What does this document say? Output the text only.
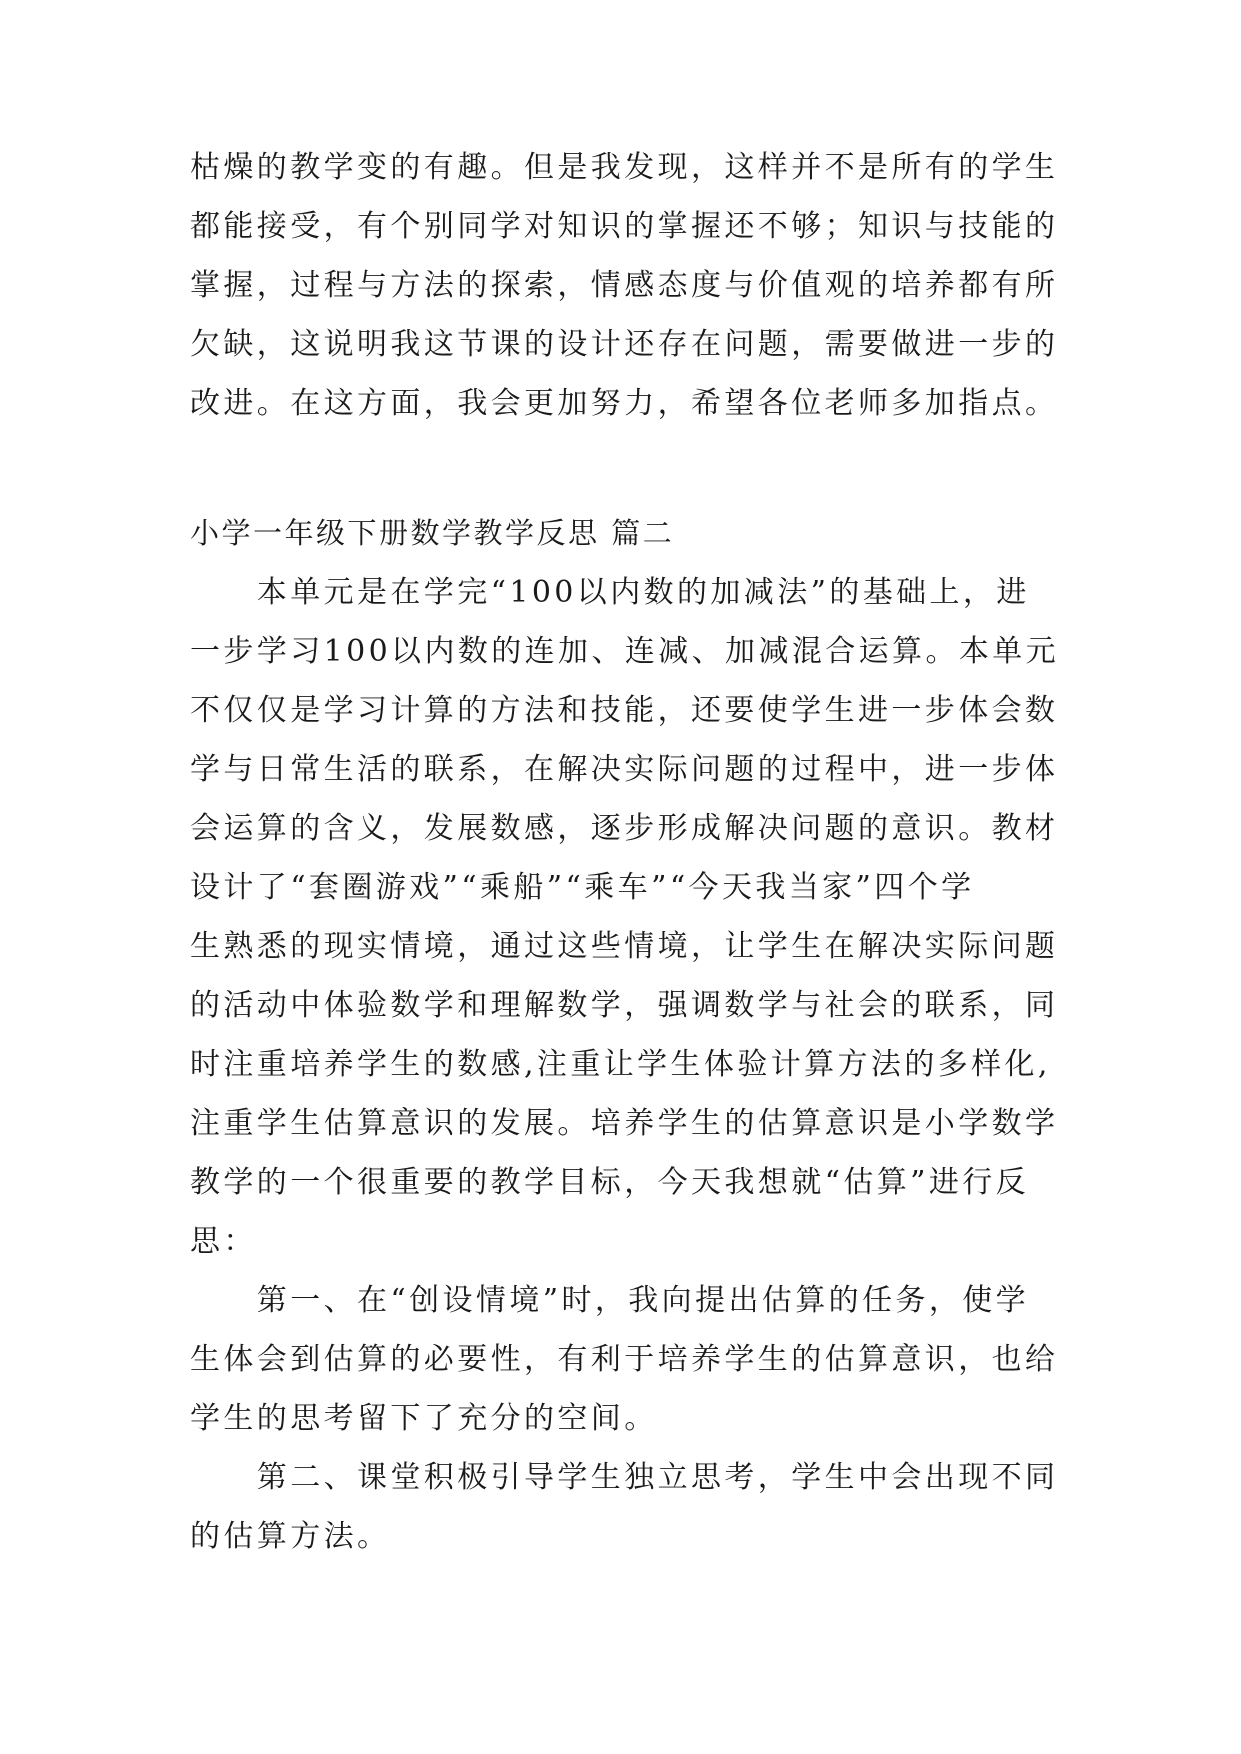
枯燥的教学变的有趣。但是我发现，这样并不是所有的学生
都能接受，有个别同学对知识的掌握还不够；知识与技能的
掌握，过程与方法的探索，情感态度与价值观的培养都有所
欠缺，这说明我这节课的设计还存在问题，需要做进一步的
改进。在这方面，我会更加努力，希望各位老师多加指点。
小学一年级下册数学教学反思 篇二
　　本单元是在学完“100以内数的加减法”的基础上，进
一步学习100以内数的连加、连减、加减混合运算。本单元
不仅仅是学习计算的方法和技能，还要使学生进一步体会数
学与日常生活的联系，在解决实际问题的过程中，进一步体
会运算的含义，发展数感，逐步形成解决问题的意识。教材
设计了“套圈游戏”“乘船”“乘车”“今天我当家”四个学
生熟悉的现实情境，通过这些情境，让学生在解决实际问题
的活动中体验数学和理解数学，强调数学与社会的联系，同
时注重培养学生的数感,注重让学生体验计算方法的多样化,
注重学生估算意识的发展。培养学生的估算意识是小学数学
教学的一个很重要的教学目标，今天我想就“估算”进行反
思：
　　第一、在“创设情境”时，我向提出估算的任务，使学
生体会到估算的必要性，有利于培养学生的估算意识，也给
学生的思考留下了充分的空间。
　　第二、课堂积极引导学生独立思考，学生中会出现不同
的估算方法。
